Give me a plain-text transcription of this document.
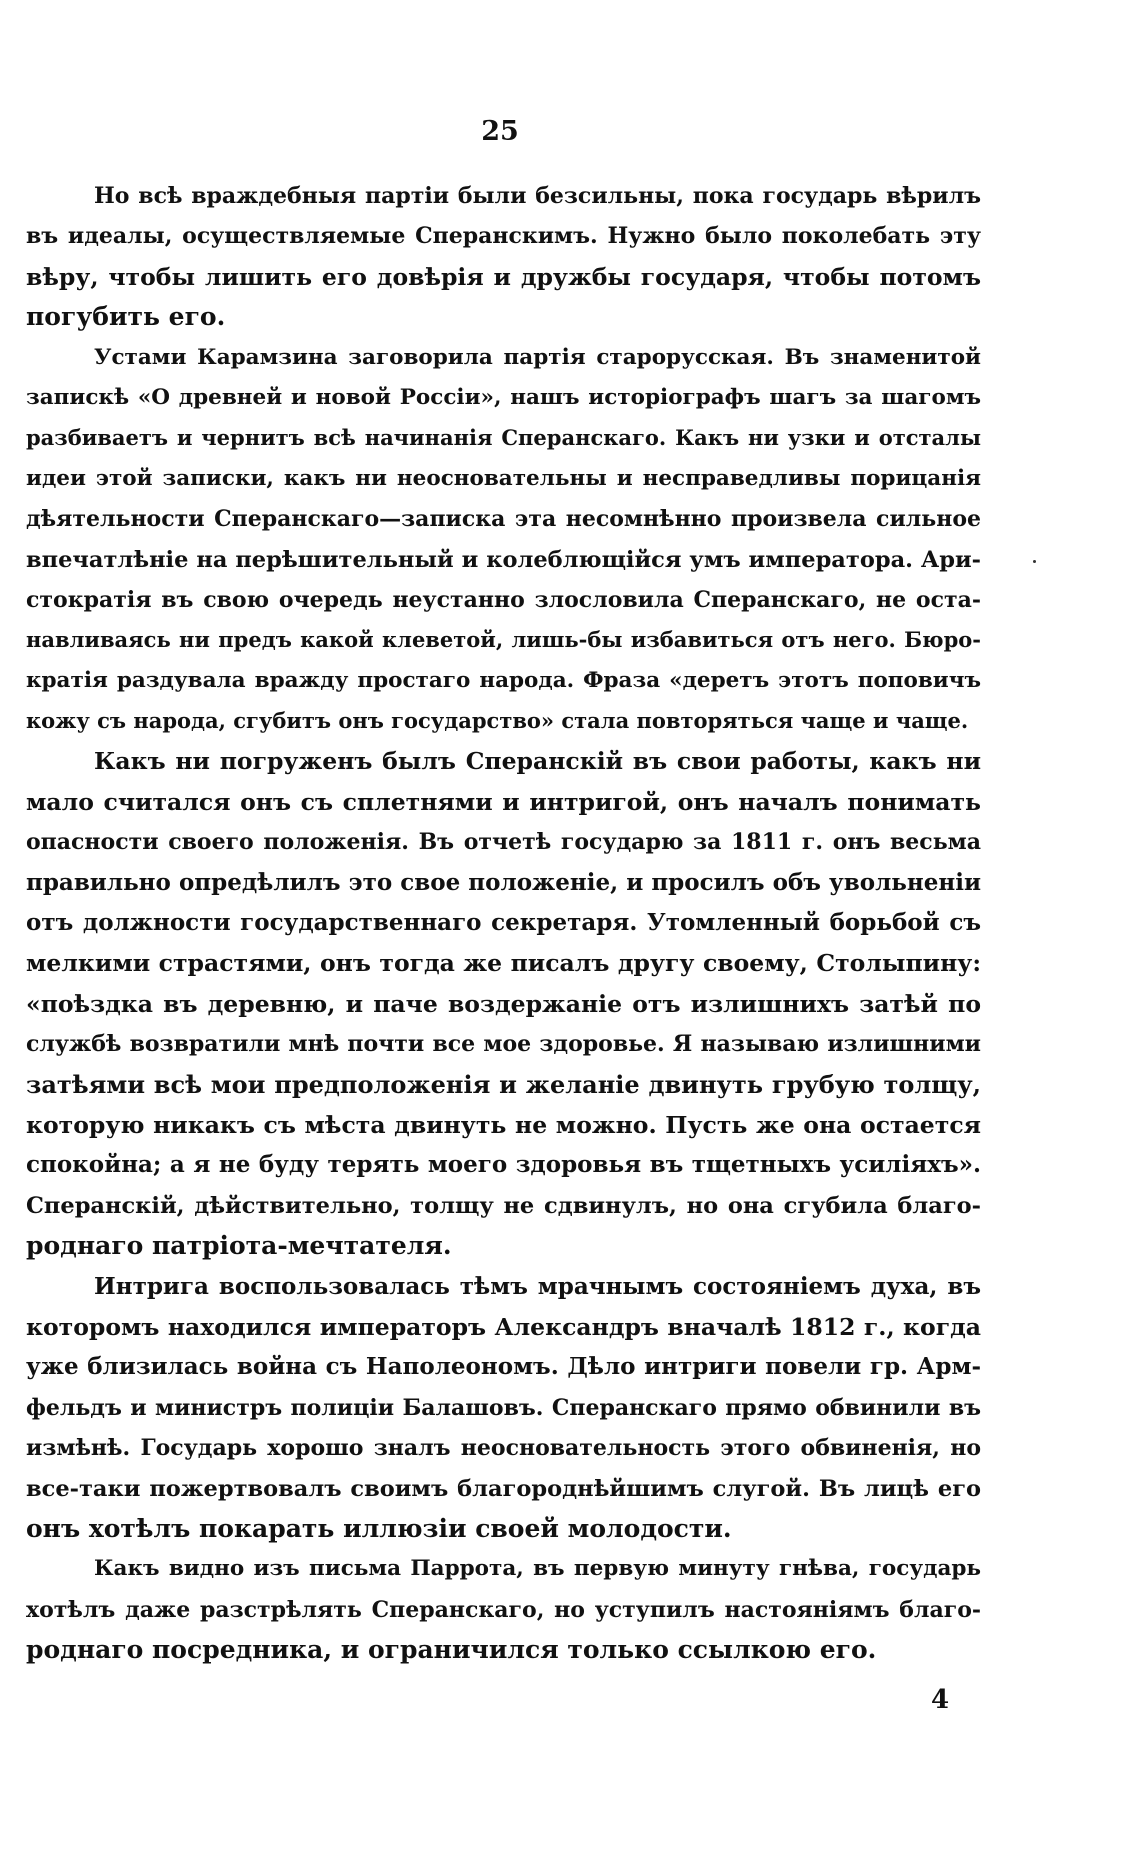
25
Но всѣ враждебныя партіи были безсильны, пока государь вѣрилъ
въ идеалы, осуществляемые Сперанскимъ. Нужно было поколебать эту
вѣру, чтобы лишить его довѣрія и дружбы государя, чтобы потомъ
погубить его.
Устами Карамзина заговорила партія старорусская. Въ знаменитой
запискѣ «О древней и новой Россіи», нашъ исторіографъ шагъ за шагомъ
разбиваетъ и чернитъ всѣ начинанія Сперанскаго. Какъ ни узки и отсталы
идеи этой записки, какъ ни неосновательны и несправедливы порицанія
дѣятельности Сперанскаго—записка эта несомнѣнно произвела сильное
впечатлѣніе на перѣшительный и колеблющійся умъ императора. Ари-
стократія въ свою очередь неустанно злословила Сперанскаго, не оста-
навливаясь ни предъ какой клеветой, лишь-бы избавиться отъ него. Бюро-
кратія раздувала вражду простаго народа. Фраза «деретъ этотъ поповичъ
кожу съ народа, сгубитъ онъ государство» стала повторяться чаще и чаще.
Какъ ни погруженъ былъ Сперанскій въ свои работы, какъ ни
мало считался онъ съ сплетнями и интригой, онъ началъ понимать
опасности своего положенія. Въ отчетѣ государю за 1811 г. онъ весьма
правильно опредѣлилъ это свое положеніе, и просилъ объ увольненіи
отъ должности государственнаго секретаря. Утомленный борьбой съ
мелкими страстями, онъ тогда же писалъ другу своему, Столыпину:
«поѣздка въ деревню, и паче воздержаніе отъ излишнихъ затѣй по
службѣ возвратили мнѣ почти все мое здоровье. Я называю излишними
затѣями всѣ мои предположенія и желаніе двинуть грубую толщу,
которую никакъ съ мѣста двинуть не можно. Пусть же она остается
спокойна; а я не буду терять моего здоровья въ тщетныхъ усиліяхъ».
Сперанскій, дѣйствительно, толщу не сдвинулъ, но она сгубила благо-
роднаго патріота-мечтателя.
Интрига воспользовалась тѣмъ мрачнымъ состояніемъ духа, въ
которомъ находился императоръ Александръ вначалѣ 1812 г., когда
уже близилась война съ Наполеономъ. Дѣло интриги повели гр. Арм-
фельдъ и министръ полиціи Балашовъ. Сперанскаго прямо обвинили въ
измѣнѣ. Государь хорошо зналъ неосновательность этого обвиненія, но
все-таки пожертвовалъ своимъ благороднѣйшимъ слугой. Въ лицѣ его
онъ хотѣлъ покарать иллюзіи своей молодости.
Какъ видно изъ письма Паррота, въ первую минуту гнѣва, государь
хотѣлъ даже разстрѣлять Сперанскаго, но уступилъ настояніямъ благо-
роднаго посредника, и ограничился только ссылкою его.
4
